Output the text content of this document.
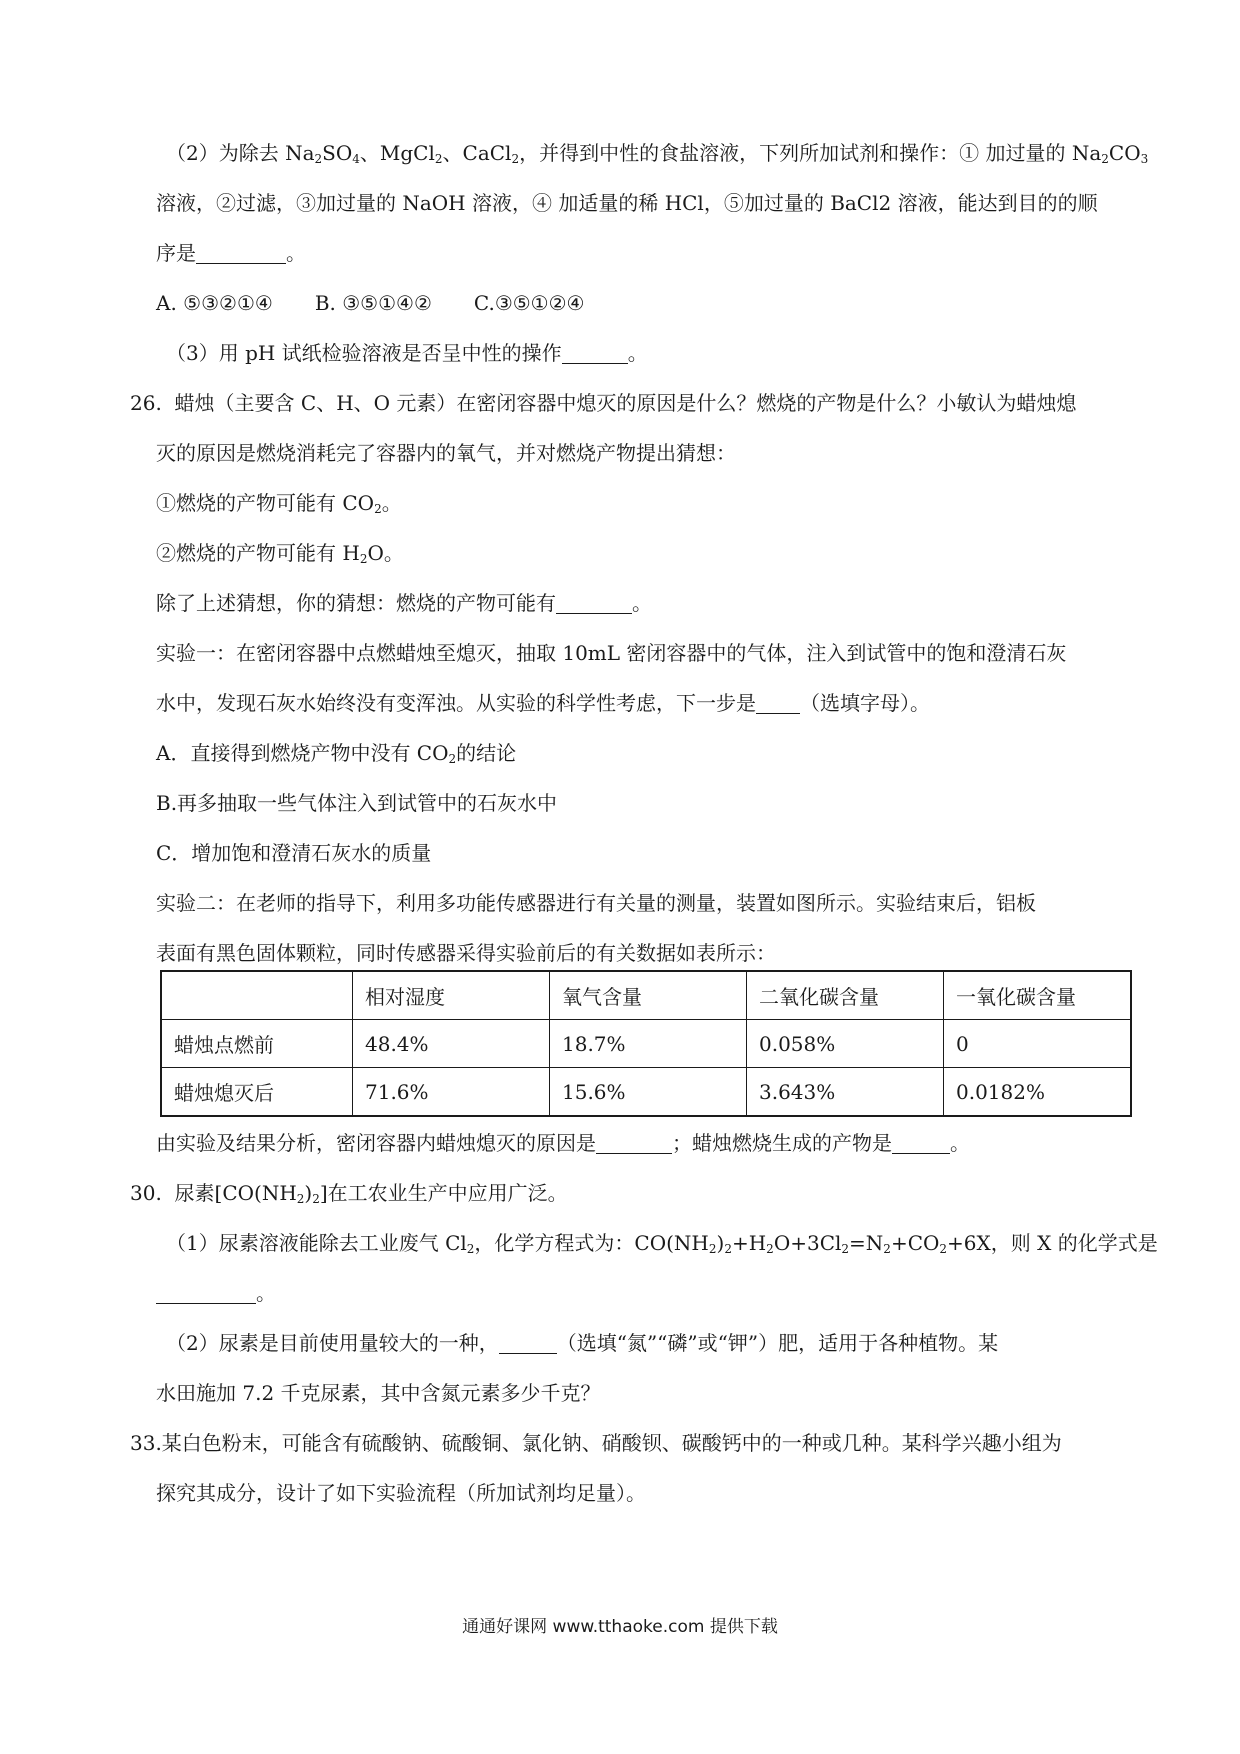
（2）为除去 $Na_2SO_4$、MgCl$_2$、CaCl$_2$，并得到中性的食盐溶液，下列所加试剂和操作：① 加过量的 $Na_2CO_3$
溶液，②过滤，③加过量的 NaOH 溶液，④ 加适量的稀 HCl，⑤加过量的 BaCl2 溶液，能达到目的的顺
序是	。
A. ⑤③②①④ B. ③⑤①④② C.③⑤①②④
（3）用 pH 试纸检验溶液是否呈中性的操作	。
26. 蜡烛（主要含 C、H、O 元素）在密闭容器中熄灭的原因是什么？燃烧的产物是什么？小敏认为蜡烛熄
灭的原因是燃烧消耗完了容器内的氧气，并对燃烧产物提出猜想：
①燃烧的产物可能有 $CO_2$。
②燃烧的产物可能有 $H_2O$。
除了上述猜想，你的猜想：燃烧的产物可能有	。
实验一：在密闭容器中点燃蜡烛至熄灭，抽取 10mL 密闭容器中的气体，注入到试管中的饱和澄清石灰
水中，发现石灰水始终没有变浑浊。从实验的科学性考虑，下一步是 （选填字母）。
A．直接得到燃烧产物中没有 $CO_2$的结论
B.再多抽取一些气体注入到试管中的石灰水中
C．增加饱和澄清石灰水的质量
实验二：在老师的指导下，利用多功能传感器进行有关量的测量，装置如图所示。实验结束后，铝板
表面有黑色固体颗粒，同时传感器采得实验前后的有关数据如表所示：
	相对湿度	氧气含量	二氧化碳含量	一氧化碳含量
蜡烛点燃前	48.4%	18.7%	0.058%	0
蜡烛熄灭后	71.6%	15.6%	3.643%	0.0182%
由实验及结果分析，密闭容器内蜡烛熄灭的原因是	；蜡烛燃烧生成的产物是	。
30. 尿素$[CO(NH_2)_2]$在工农业生产中应用广泛。
（1）尿素溶液能除去工业废气 $Cl_2$，化学方程式为：$CO(NH_2)_2+H_2O+3Cl_2=N_2+CO_2+6X$，则 X 的化学式是
。
（2）尿素是目前使用量较大的一种，	（选填“氮”“磷”或“钾”）肥，适用于各种植物。某
水田施加 7.2 千克尿素，其中含氮元素多少千克？
33.某白色粉末，可能含有硫酸钠、硫酸铜、氯化钠、硝酸钡、碳酸钙中的一种或几种。某科学兴趣小组为
探究其成分，设计了如下实验流程（所加试剂均足量）。
通通好课网 www.tthaoke.com 提供下载
